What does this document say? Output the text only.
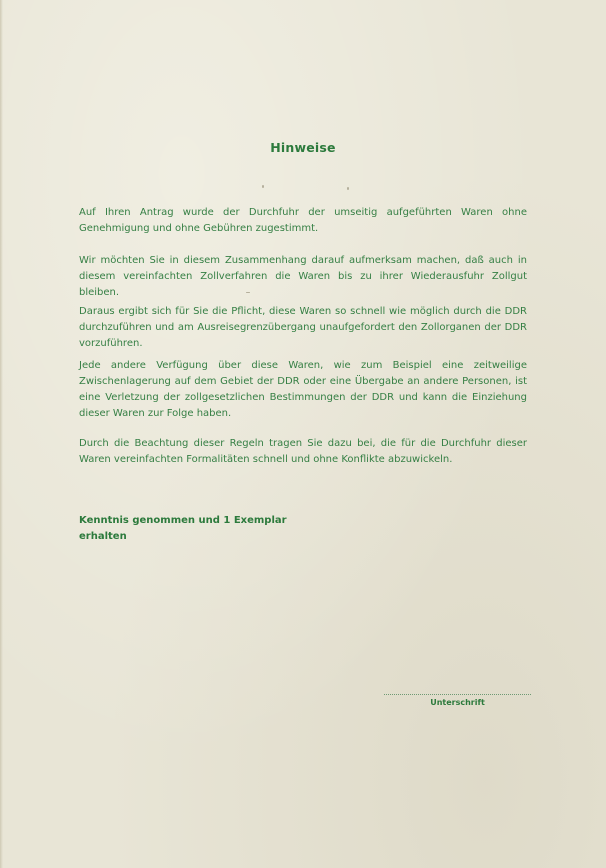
Hinweise
Auf Ihren Antrag wurde der Durchfuhr der umseitig aufgeführten Waren ohne Genehmigung und ohne Gebühren zugestimmt.
Wir möchten Sie in diesem Zusammenhang darauf aufmerksam machen, daß auch in diesem vereinfachten Zollverfahren die Waren bis zu ihrer Wiederausfuhr Zollgut bleiben.
Daraus ergibt sich für Sie die Pflicht, diese Waren so schnell wie möglich durch die DDR durchzuführen und am Ausreisegrenzübergang unaufgefordert den Zollorganen der DDR vorzuführen.
Jede andere Verfügung über diese Waren, wie zum Beispiel eine zeitweilige Zwischenlagerung auf dem Gebiet der DDR oder eine Übergabe an andere Personen, ist eine Verletzung der zollgesetzlichen Bestimmungen der DDR und kann die Einziehung dieser Waren zur Folge haben.
Durch die Beachtung dieser Regeln tragen Sie dazu bei, die für die Durchfuhr dieser Waren vereinfachten Formalitäten schnell und ohne Konflikte abzuwickeln.
Kenntnis genommen und 1 Exemplar
erhalten
Unterschrift
